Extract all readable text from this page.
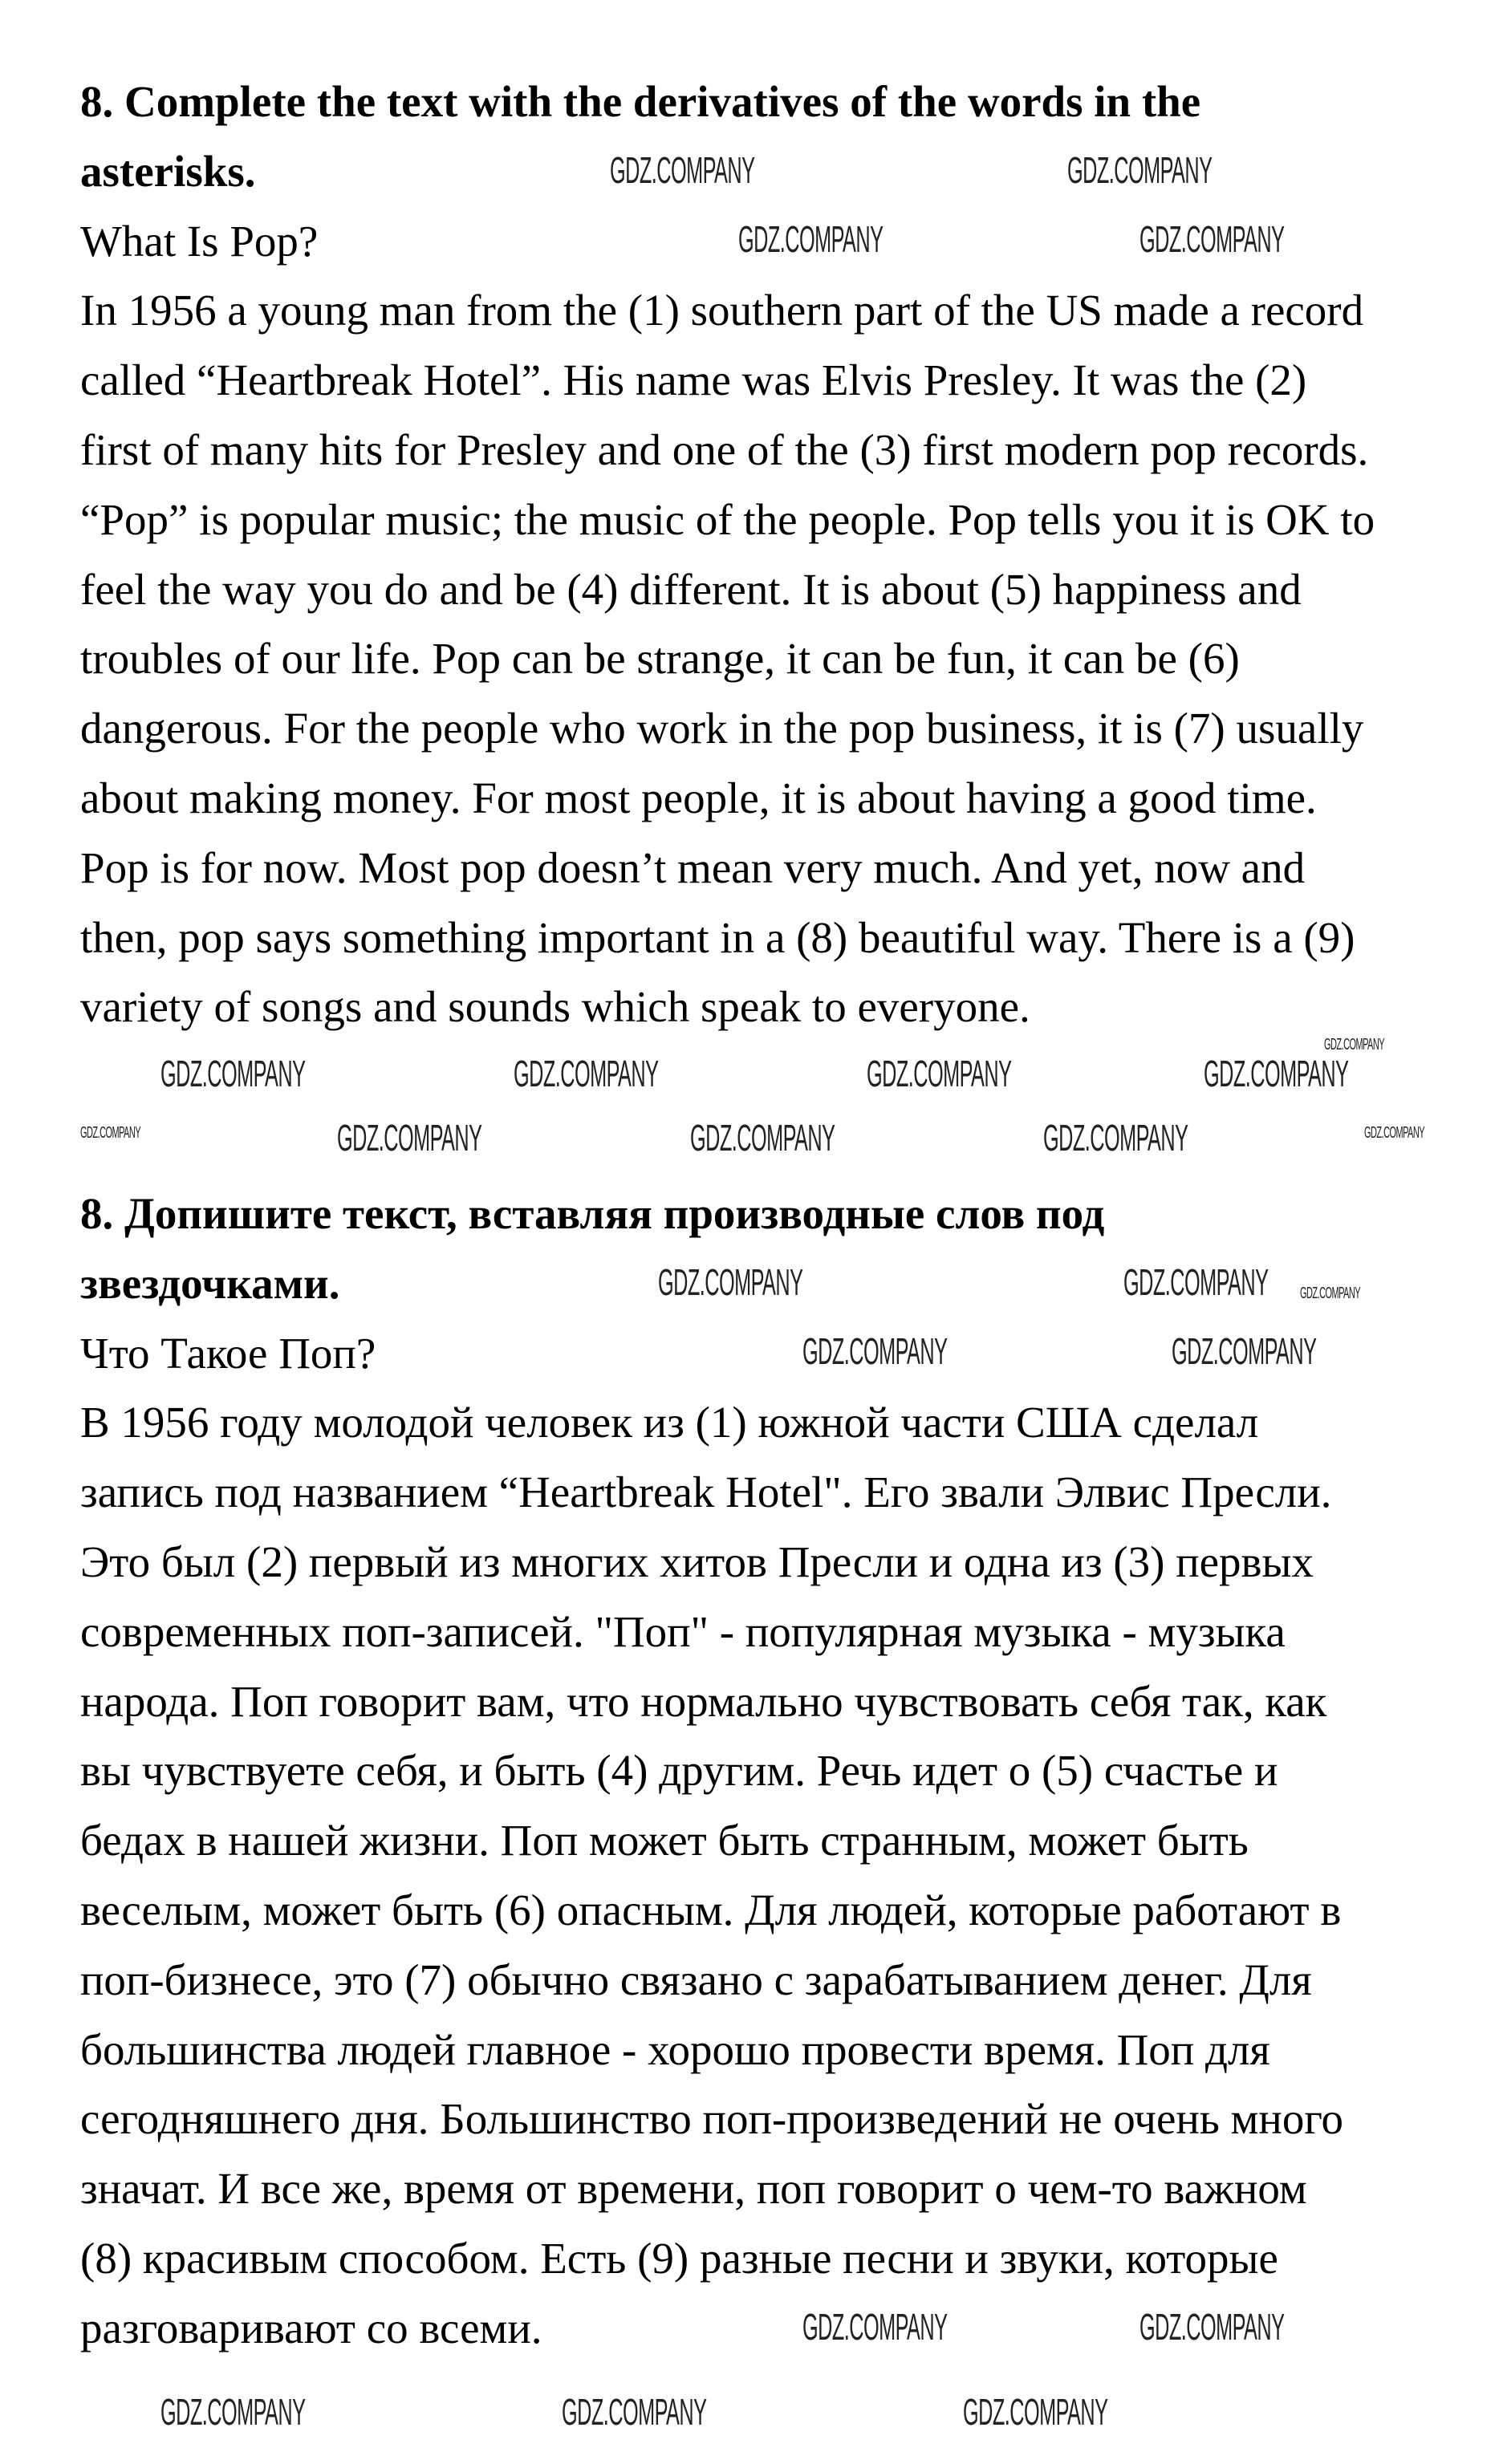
8. Complete the text with the derivatives of the words in the
asterisks.
What Is Pop?
In 1956 a young man from the (1) southern part of the US made a record
called “Heartbreak Hotel”. His name was Elvis Presley. It was the (2)
first of many hits for Presley and one of the (3) first modern pop records.
“Pop” is popular music; the music of the people. Pop tells you it is OK to
feel the way you do and be (4) different. It is about (5) happiness and
troubles of our life. Pop can be strange, it can be fun, it can be (6)
dangerous. For the people who work in the pop business, it is (7) usually
about making money. For most people, it is about having a good time.
Pop is for now. Most pop doesn’t mean very much. And yet, now and
then, pop says something important in a (8) beautiful way. There is a (9)
variety of songs and sounds which speak to everyone.
8. Допишите текст, вставляя производные слов под
звездочками.
Что Такое Поп?
В 1956 году молодой человек из (1) южной части США сделал
запись под названием “Heartbreak Hotel". Его звали Элвис Пресли.
Это был (2) первый из многих хитов Пресли и одна из (3) первых
современных поп-записей. "Поп" - популярная музыка - музыка
народа. Поп говорит вам, что нормально чувствовать себя так, как
вы чувствуете себя, и быть (4) другим. Речь идет о (5) счастье и
бедах в нашей жизни. Поп может быть странным, может быть
веселым, может быть (6) опасным. Для людей, которые работают в
поп-бизнесе, это (7) обычно связано с зарабатыванием денег. Для
большинства людей главное - хорошо провести время. Поп для
сегодняшнего дня. Большинство поп-произведений не очень много
значат. И все же, время от времени, поп говорит о чем-то важном
(8) красивым способом. Есть (9) разные песни и звуки, которые
разговаривают со всеми.
GDZ.COMPANY	GDZ.COMPANY
GDZ.COMPANY	GDZ.COMPANY
GDZ.COMPANY	GDZ.COMPANY	GDZ.COMPANY	GDZ.COMPANY
GDZ.COMPANY	GDZ.COMPANY	GDZ.COMPANY
GDZ.COMPANY	GDZ.COMPANY
GDZ.COMPANY	GDZ.COMPANY
GDZ.COMPANY	GDZ.COMPANY
GDZ.COMPANY	GDZ.COMPANY	GDZ.COMPANY
GDZ.COMPANY
GDZ.COMPANY	GDZ.COMPANY
GDZ.COMPANY
